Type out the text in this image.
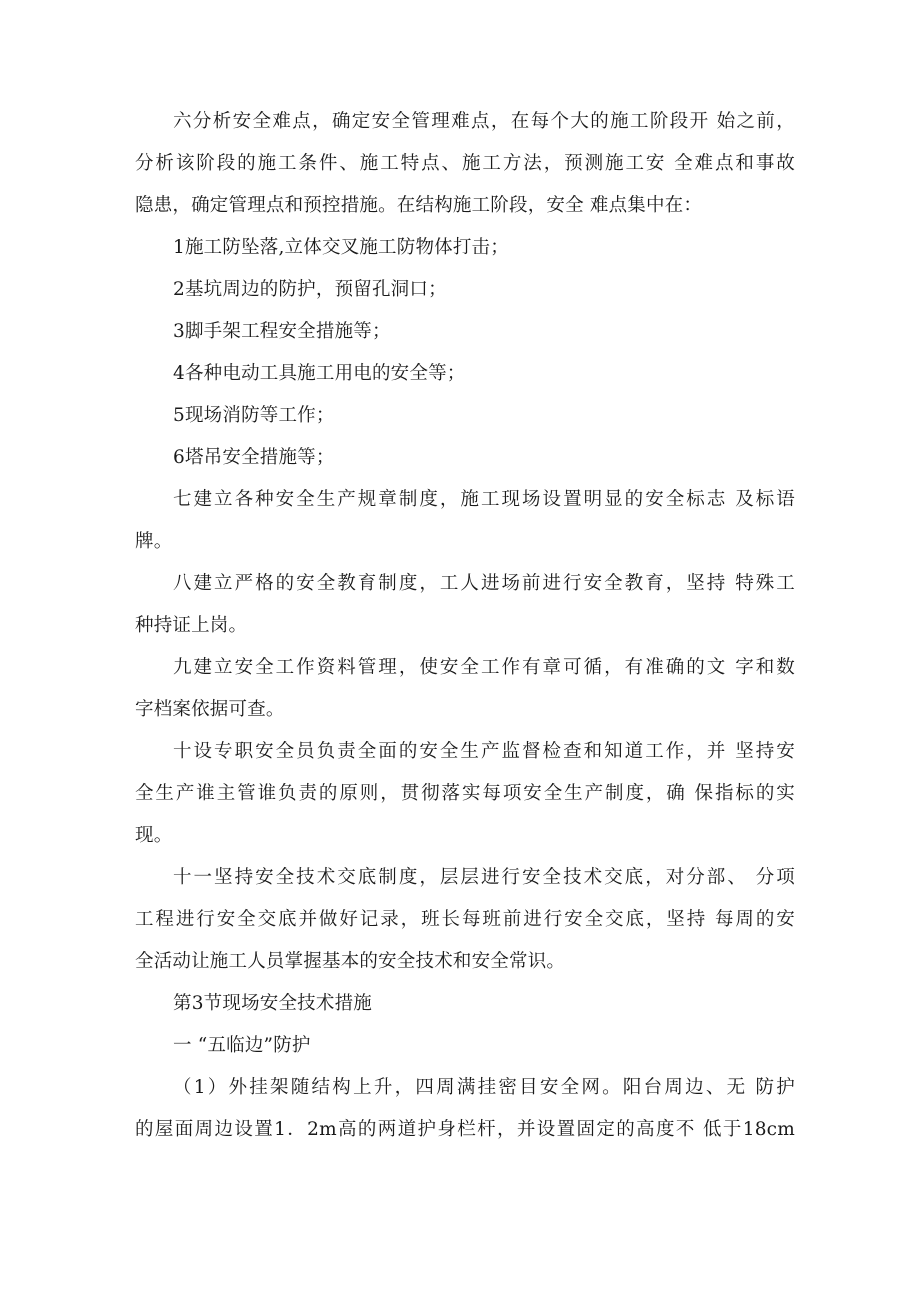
六分析安全难点，确定安全管理难点，在每个大的施工阶段开 始之前，
分析该阶段的施工条件、施工特点、施工方法，预测施工安 全难点和事故
隐患，确定管理点和预控措施。在结构施工阶段，安全 难点集中在：
1施工防坠落,立体交叉施工防物体打击；
2基坑周边的防护，预留孔洞口；
3脚手架工程安全措施等；
4各种电动工具施工用电的安全等；
5现场消防等工作；
6塔吊安全措施等；
七建立各种安全生产规章制度，施工现场设置明显的安全标志 及标语
牌。
八建立严格的安全教育制度，工人进场前进行安全教育，坚持 特殊工
种持证上岗。
九建立安全工作资料管理，使安全工作有章可循，有准确的文 字和数
字档案依据可查。
十设专职安全员负责全面的安全生产监督检查和知道工作，并 坚持安
全生产谁主管谁负责的原则，贯彻落实每项安全生产制度，确 保指标的实
现。
十一坚持安全技术交底制度，层层进行安全技术交底，对分部、 分项
工程进行安全交底并做好记录，班长每班前进行安全交底，坚持 每周的安
全活动让施工人员掌握基本的安全技术和安全常识。
第3节现场安全技术措施
一 “五临边”防护
（1）外挂架随结构上升，四周满挂密目安全网。阳台周边、无 防护
的屋面周边设置1．2m高的两道护身栏杆，并设置固定的高度不 低于18cm
